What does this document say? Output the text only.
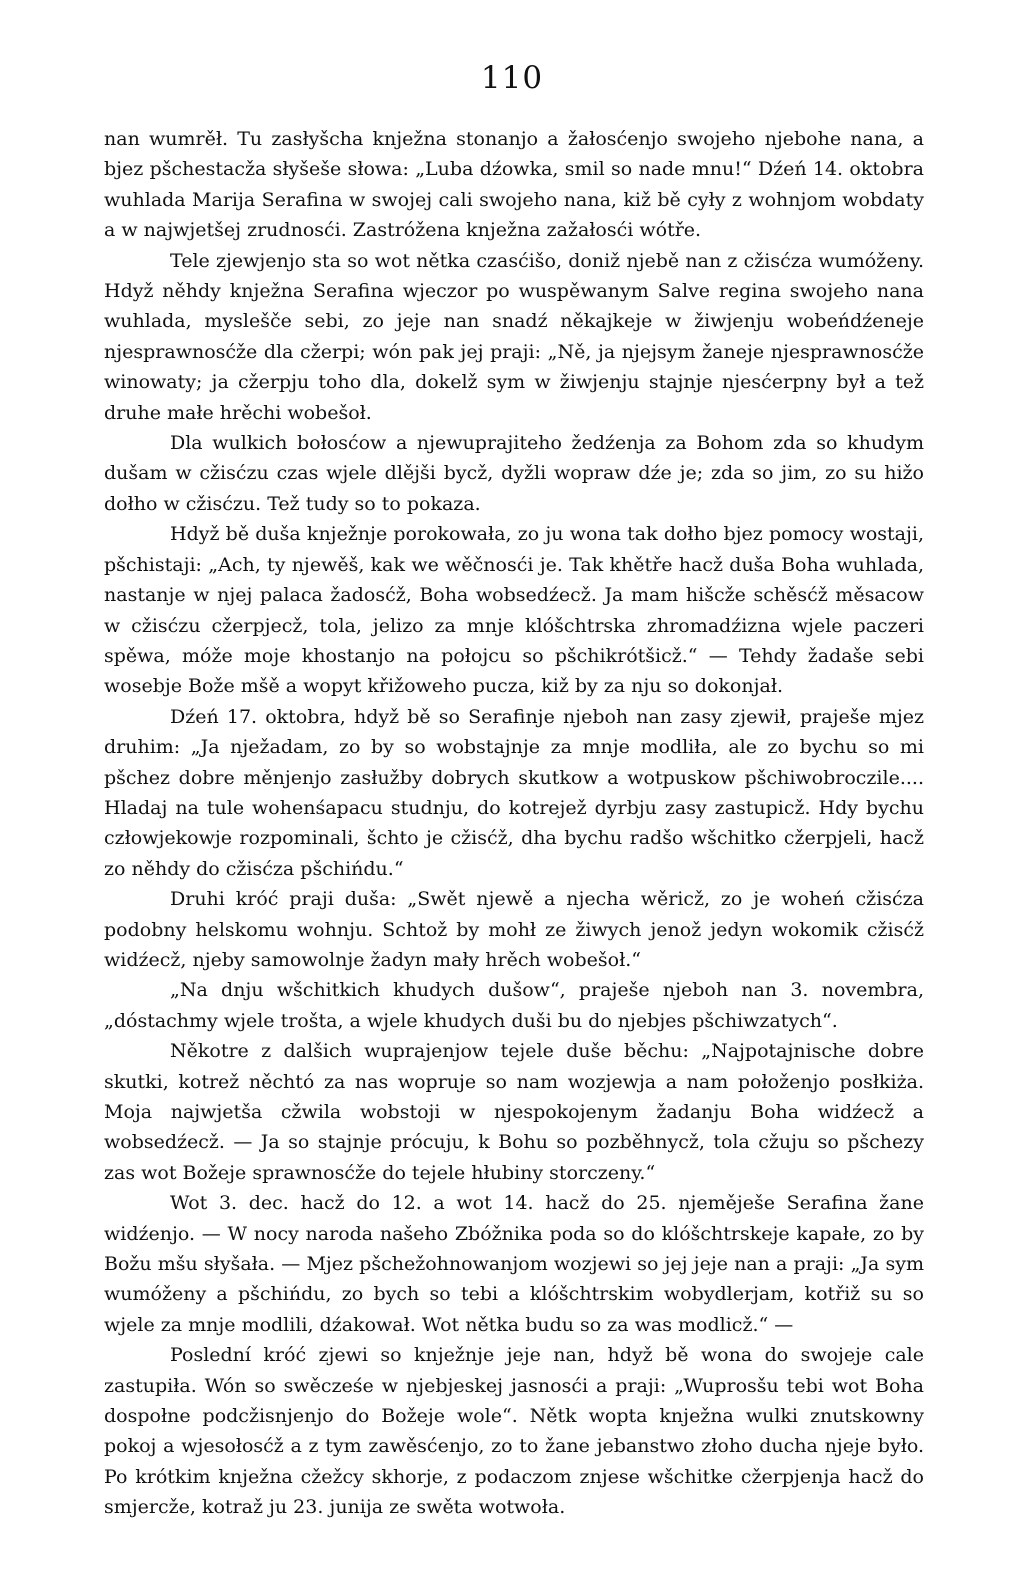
110

nan wumrěł. Tu zasłyšcha knježna stonanjo a žałosćenjo swojeho njebohe nana, a bjez pšchestacža słyšeše słowa: „Luba dźowka, smil so nade mnu!“ Dźeń 14. oktobra wuhlada Marija Serafina w swojej cali swojeho nana, kiž bě cyły z wohnjom wobdaty a w najwjetšej zrudnosći. Zastróžena knježna zažałosći wótře.

Tele zjewjenjo sta so wot nětka czasćišo, doniž njebě nan z cžisćza wumóženy. Hdyž něhdy knježna Serafina wjeczor po wuspěwanym Salve regina swojeho nana wuhlada, myslešče sebi, zo jeje nan snadź někajkeje w žiwjenju wobeńdźeneje njesprawnosćže dla cžerpi; wón pak jej praji: „Ně, ja njejsym žaneje njesprawnosćže winowaty; ja cžerpju toho dla, dokelž sym w žiwjenju stajnje njesćerpny był a tež druhe małe hrěchi wobešoł.

Dla wulkich bołosćow a njewuprajiteho žedźenja za Bohom zda so khudym dušam w cžisćzu czas wjele dlějši bycž, dyžli wopraw dźe je; zda so jim, zo su hižo dołho w cžisćzu. Tež tudy so to pokaza.

Hdyž bě duša knježnje porokowała, zo ju wona tak dołho bjez pomocy wostaji, pšchistaji: „Ach, ty njewěš, kak we wěčnosći je. Tak khětře hacž duša Boha wuhlada, nastanje w njej palaca žadosćž, Boha wobsedźecž. Ja mam hišcže schěsćž měsacow w cžisćzu cžerpjecž, tola, jelizo za mnje klóšchtrska zhromadźizna wjele paczeri spěwa, móže moje khostanjo na połojcu so pšchikrótšicž.“ — Tehdy žadaše sebi wosebje Bože mšě a wopyt křižoweho puczа, kiž by za nju so dokonjał.

Dźeń 17. oktobra, hdyž bě so Serafinje njeboh nan zasy zjewił, praješe mjez druhim: „Ja nježadam, zo by so wobstajnje za mnje modliła, ale zo bychu so mi pšchez dobre měnjenjo zasłužby dobrych skutkow a wotpuskow pšchiwobroczile.... Hladaj na tule wohenśapacu studnju, do kotrejež dyrbju zasy zastupicž. Hdy bychu człowjekowje rozpominali, šchto je cžisćž, dha bychu radšo wšchitko cžerpjeli, hacž zo něhdy do cžisćza pšchińdu.“

Druhi króć praji duša: „Swět njewě a njecha wěricž, zo je woheń cžisćza podobny helskomu wohnju. Schtož by mohł ze žiwych jenož jedyn wokomik cžisćž widźecž, njeby samowolnje žadyn mały hrěch wobešoł.“

„Na dnju wšchitkich khudych dušow“, praješe njeboh nan 3. novembra, „dóstachmy wjele trošta, a wjele khudych duši bu do njebjes pšchiwzatych“.

Někotre z dalšich wuprajenjow tejele duše běchu: „Najpotajnische dobre skutki, kotrež něchtó za nas wopruje so nam wozjewja a nam połoženjo posłkiża. Moja najwjetša cžwila wobstoji w njespokojenym žadanju Boha widźecž a wobsedźecž. — Ja so stajnje prócuju, k Bohu so pozběhnycž, tola cžuju so pšchezy zas wot Božeje sprawnosćže do tejele hłubiny storczeny.“

Wot 3. dec. hacž do 12. a wot 14. hacž do 25. njeměješe Serafina žane widźenjo. — W nocy naroda našeho Zbóžnika poda so do klóšchtrskeje kapałe, zo by Božu mšu słyšała. — Mjez pšchežohnowanjom wozjewi so jej jeje nan a praji: „Ja sym wumóženy a pšchińdu, zo bych so tebi a klóšchtrskim wobydlerjam, kotřiž su so wjele za mnje modlili, dźakował. Wot nětka budu so za was modlicž.“ —

Poslední króć zjewi so knježnje jeje nan, hdyž bě wona do swojeje cale zastupiła. Wón so swěcześe w njebjeskej jasnosći a praji: „Wuprosšu tebi wot Boha dospołne podcžisnjenjo do Božeje wole“. Nětk wopta knježna wulki znutskowny pokoj a wjesołosćž a z tym zawěsćenjo, zo to žane jebanstwo złoho ducha njeje było. Po krótkim knježna cžežcy skhorje, z podaczom znjese wšchitke cžerpjenja hacž do smjercže, kotraž ju 23. junija ze swěta wotwoła.
